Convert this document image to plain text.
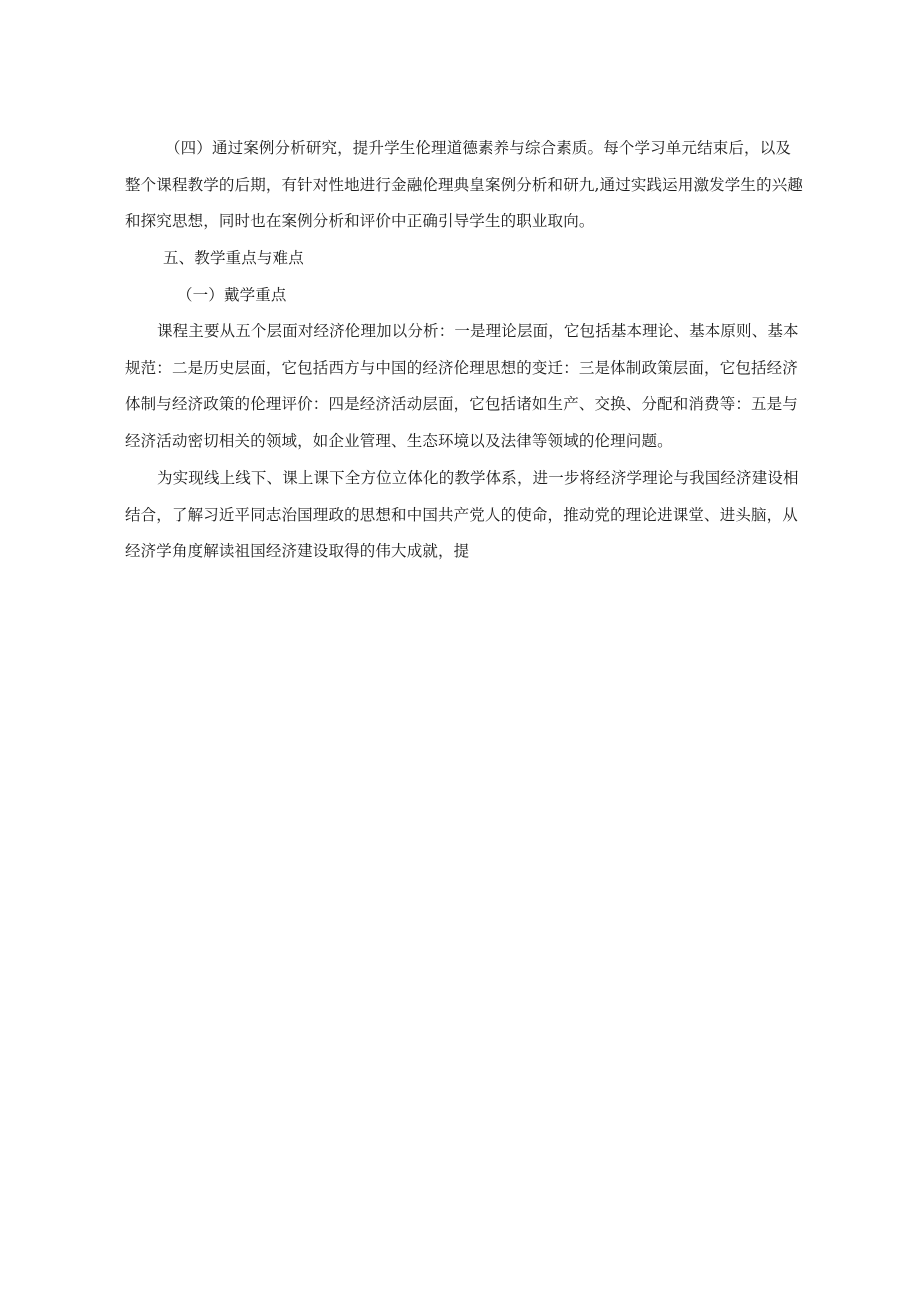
（四）通过案例分析研究，提升学生伦理道德素养与综合素质。每个学习单元结束后，以及
整个课程教学的后期，有针对性地进行金融伦理典皇案例分析和研九,通过实践运用激发学生的兴趣
和探究思想，同时也在案例分析和评价中正确引导学生的职业取向。
五、教学重点与难点
（一）戴学重点
课程主要从五个层面对经济伦理加以分析：一是理论层面，它包括基本理论、基本原则、基本
规范：二是历史层面，它包括西方与中国的经济伦理思想的变迁：三是体制政策层面，它包括经济
体制与经济政策的伦理评价：四是经济活动层面，它包括诸如生产、交换、分配和消费等：五是与
经济活动密切相关的领域，如企业管理、生态环境以及法律等领域的伦理问题。
为实现线上线下、课上课下全方位立体化的教学体系，进一步将经济学理论与我国经济建设相
结合，了解习近平同志治国理政的思想和中国共产党人的使命，推动党的理论进课堂、进头脑，从
经济学角度解读祖国经济建设取得的伟大成就，提
